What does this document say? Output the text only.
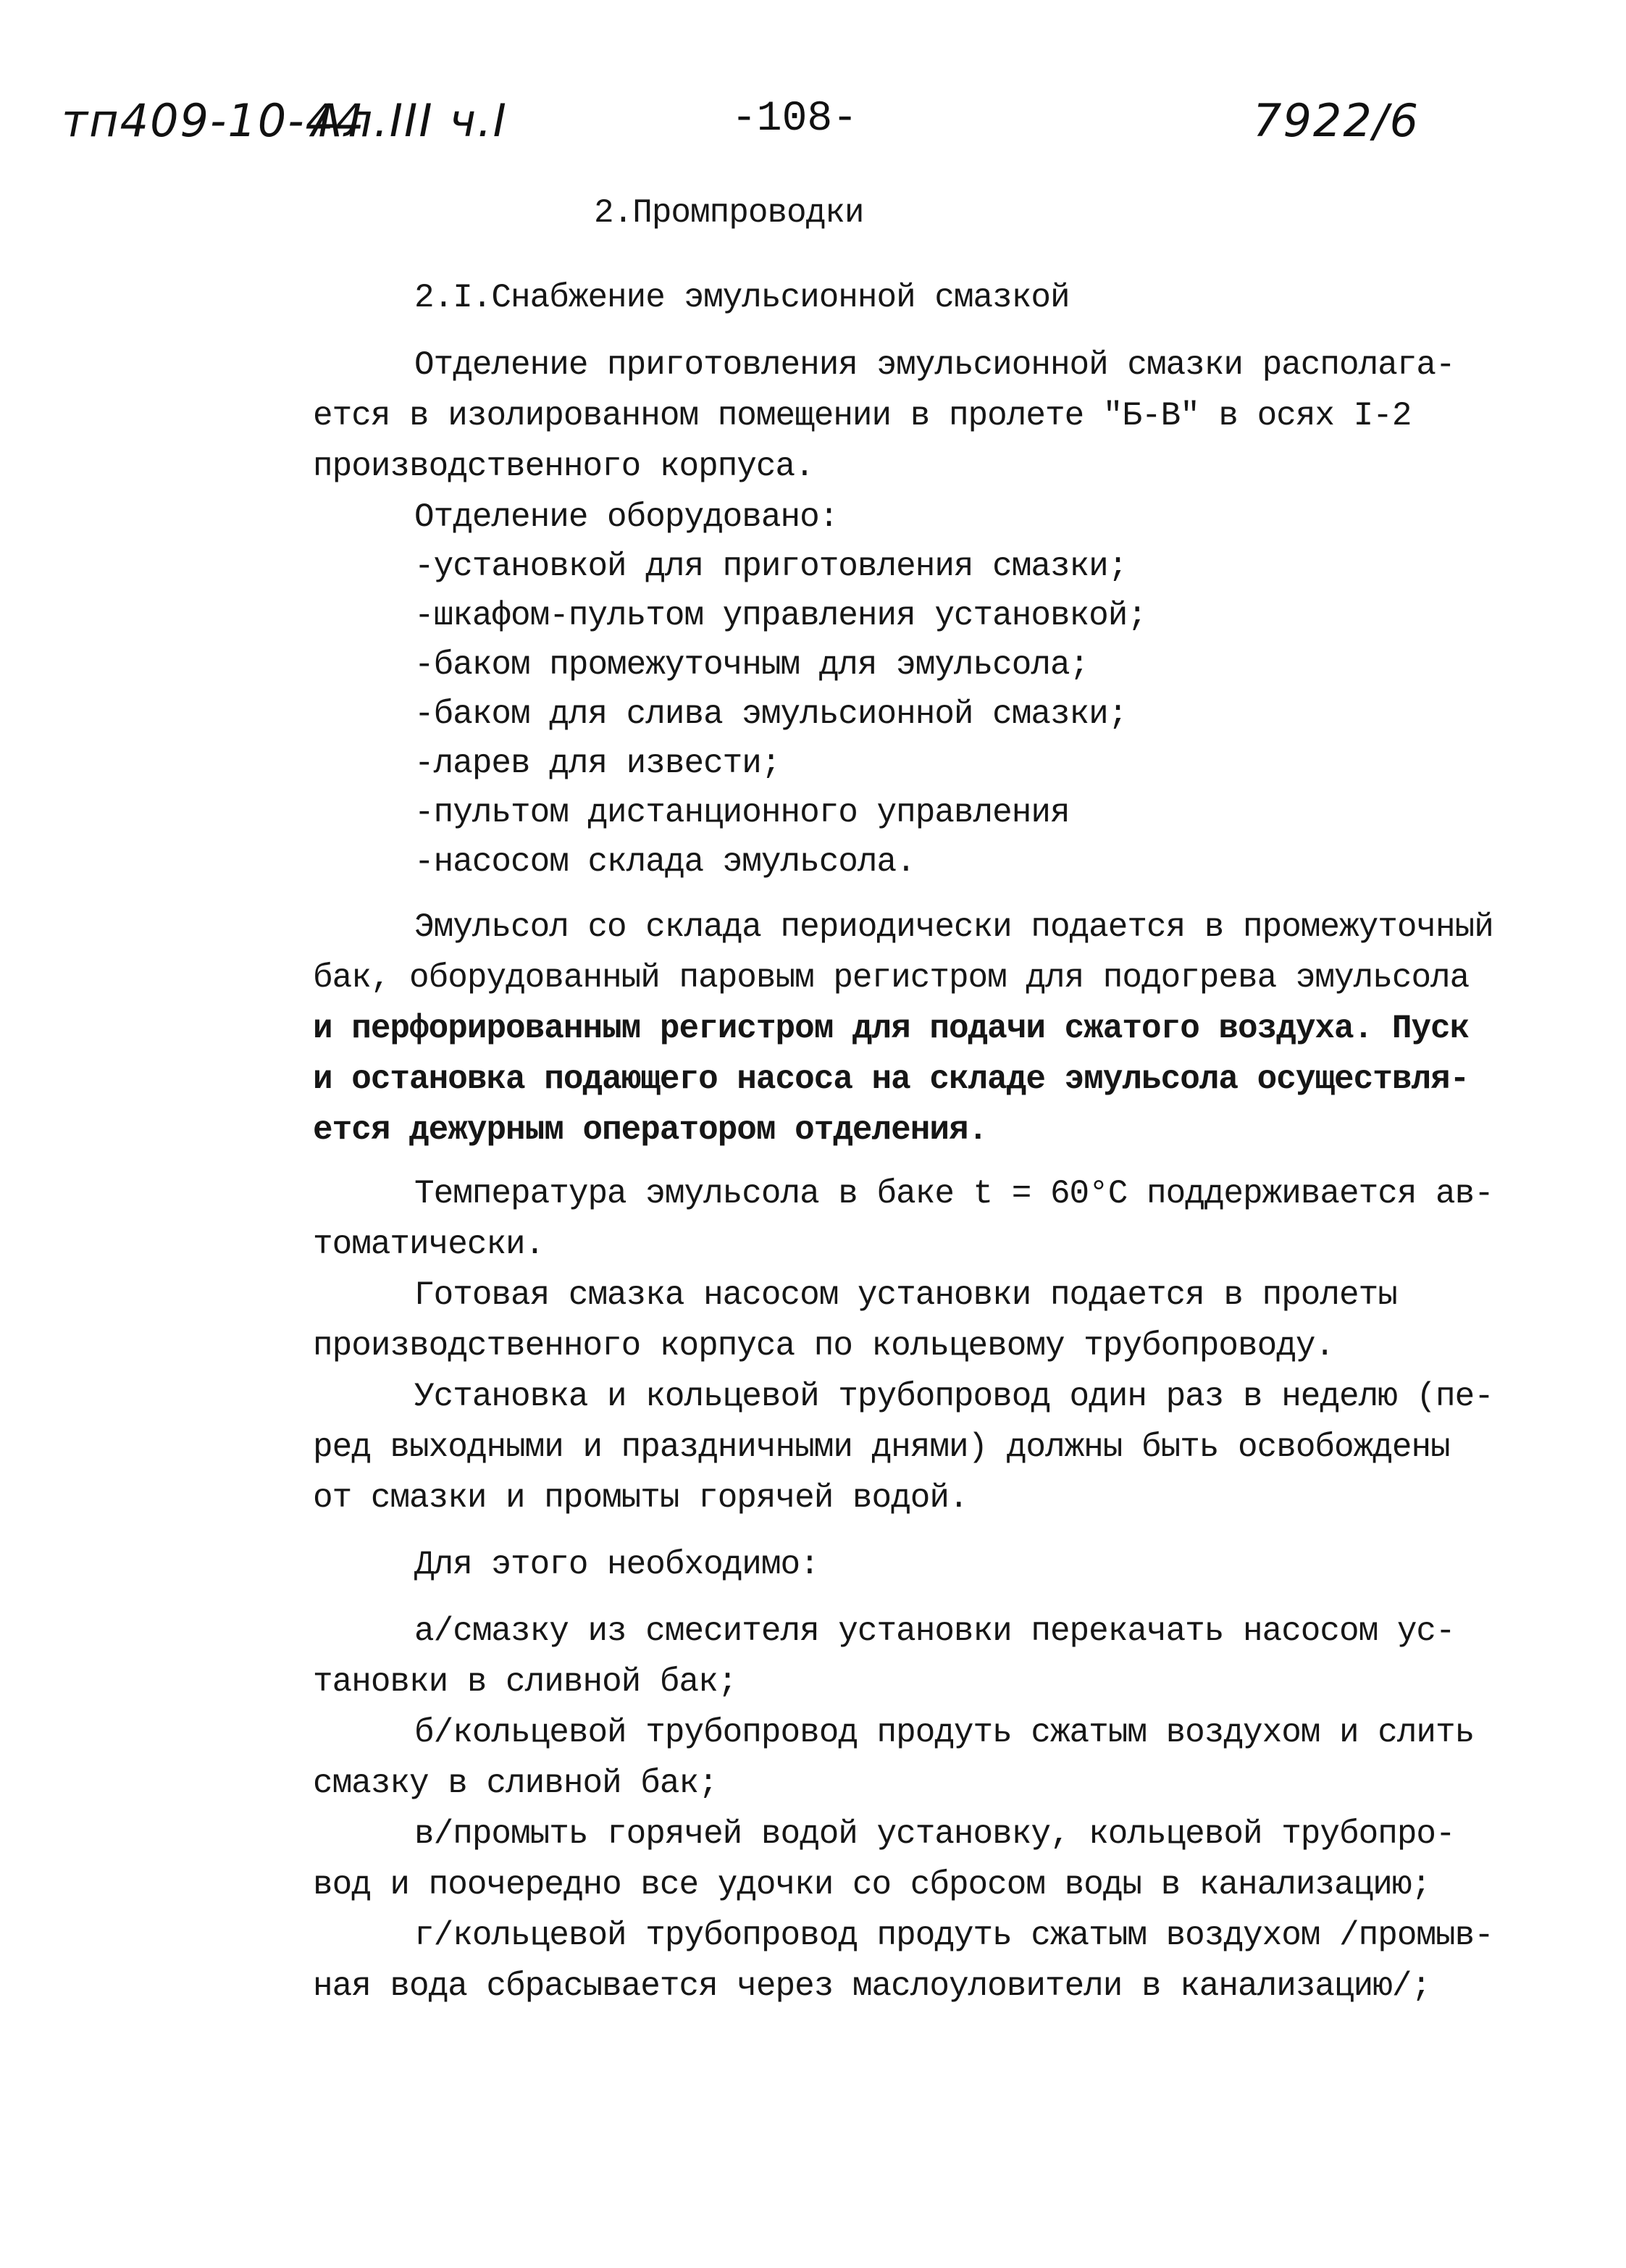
тп409-10-44
Ал.III ч.I	-108-	7922/6
2.Промпроводки
2.I.Снабжение эмульсионной смазкой
Отделение приготовления эмульсионной смазки располага-
ется в изолированном помещении в пролете "Б-В" в осях I-2
производственного корпуса.
Отделение оборудовано:
-установкой для приготовления смазки;
-шкафом-пультом управления установкой;
-баком промежуточным для эмульсола;
-баком для слива эмульсионной смазки;
-ларев для извести;
-пультом дистанционного управления
-насосом склада эмульсола.
Эмульсол со склада периодически подается в промежуточный
бак, оборудованный паровым регистром для подогрева эмульсола
и перфорированным регистром для подачи сжатого воздуха. Пуск
и остановка подающего насоса на складе эмульсола осуществля-
ется дежурным оператором отделения.
Температура эмульсола в баке t = 60°C поддерживается ав-
томатически.
Готовая смазка насосом установки подается в пролеты
производственного корпуса по кольцевому трубопроводу.
Установка и кольцевой трубопровод один раз в неделю (пе-
ред выходными и праздничными днями) должны быть освобождены
от смазки и промыты горячей водой.
Для этого необходимо:
а/смазку из смесителя установки перекачать насосом ус-
тановки в сливной бак;
б/кольцевой трубопровод продуть сжатым воздухом и слить
смазку в сливной бак;
в/промыть горячей водой установку, кольцевой трубопро-
вод и поочередно все удочки со сбросом воды в канализацию;
г/кольцевой трубопровод продуть сжатым воздухом /промыв-
ная вода сбрасывается через маслоуловители в канализацию/;
